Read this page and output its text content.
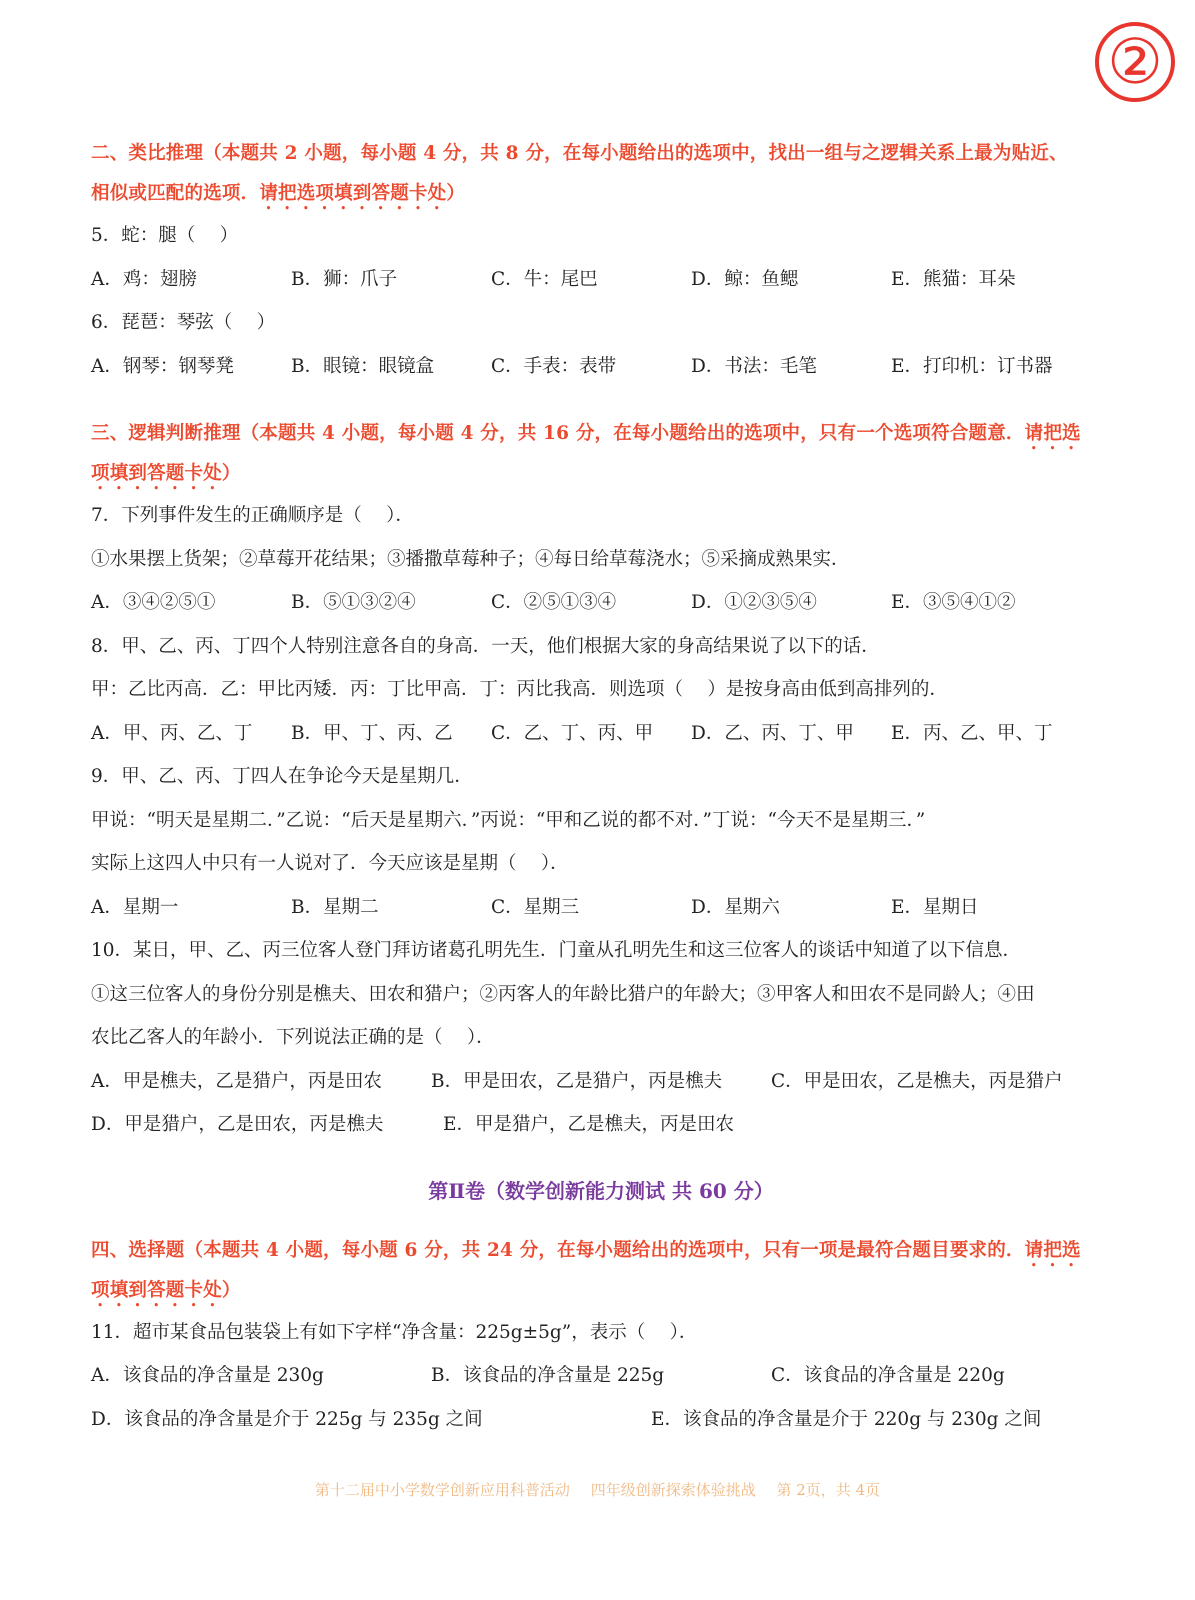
②
二、类比推理（本题共 2 小题，每小题 4 分，共 8 分，在每小题给出的选项中，找出一组与之逻辑关系上最为贴近、
相似或匹配的选项．请把选项填到答题卡处）
5．蛇：腿（　 ）
A．鸡：翅膀	B．狮：爪子	C．牛：尾巴	D．鲸：鱼鳃	E．熊猫：耳朵
6．琵琶：琴弦（　 ）
A．钢琴：钢琴凳	B．眼镜：眼镜盒	C．手表：表带	D．书法：毛笔	E．打印机：订书器
三、逻辑判断推理（本题共 4 小题，每小题 4 分，共 16 分，在每小题给出的选项中，只有一个选项符合题意．请把选
项填到答题卡处）
7．下列事件发生的正确顺序是（　 ）．
①水果摆上货架；②草莓开花结果；③播撒草莓种子；④每日给草莓浇水；⑤采摘成熟果实．
A．③④②⑤①	B．⑤①③②④	C．②⑤①③④	D．①②③⑤④	E．③⑤④①②
8．甲、乙、丙、丁四个人特别注意各自的身高．一天，他们根据大家的身高结果说了以下的话．
甲：乙比丙高．乙：甲比丙矮．丙：丁比甲高．丁：丙比我高．则选项（　 ）是按身高由低到高排列的．
A．甲、丙、乙、丁	B．甲、丁、丙、乙	C．乙、丁、丙、甲	D．乙、丙、丁、甲	E．丙、乙、甲、丁
9．甲、乙、丙、丁四人在争论今天是星期几．
甲说：“明天是星期二．”乙说：“后天是星期六．”丙说：“甲和乙说的都不对．”丁说：“今天不是星期三．”
实际上这四人中只有一人说对了．今天应该是星期（　 ）．
A．星期一	B．星期二	C．星期三	D．星期六	E．星期日
10．某日，甲、乙、丙三位客人登门拜访诸葛孔明先生．门童从孔明先生和这三位客人的谈话中知道了以下信息．
①这三位客人的身份分别是樵夫、田农和猎户；②丙客人的年龄比猎户的年龄大；③甲客人和田农不是同龄人；④田
农比乙客人的年龄小．下列说法正确的是（　 ）．
A．甲是樵夫，乙是猎户，丙是田农	B．甲是田农，乙是猎户，丙是樵夫	C．甲是田农，乙是樵夫，丙是猎户
D．甲是猎户，乙是田农，丙是樵夫	E．甲是猎户，乙是樵夫，丙是田农
第Ⅱ卷（数学创新能力测试 共 60 分）
四、选择题（本题共 4 小题，每小题 6 分，共 24 分，在每小题给出的选项中，只有一项是最符合题目要求的．请把选
项填到答题卡处）
11．超市某食品包装袋上有如下字样“净含量：225g±5g”，表示（　 ）．
A．该食品的净含量是 230g	B．该食品的净含量是 225g	C．该食品的净含量是 220g
D．该食品的净含量是介于 225g 与 235g 之间	E．该食品的净含量是介于 220g 与 230g 之间
第十二届中小学数学创新应用科普活动 四年级创新探索体验挑战 第 2页，共 4页
